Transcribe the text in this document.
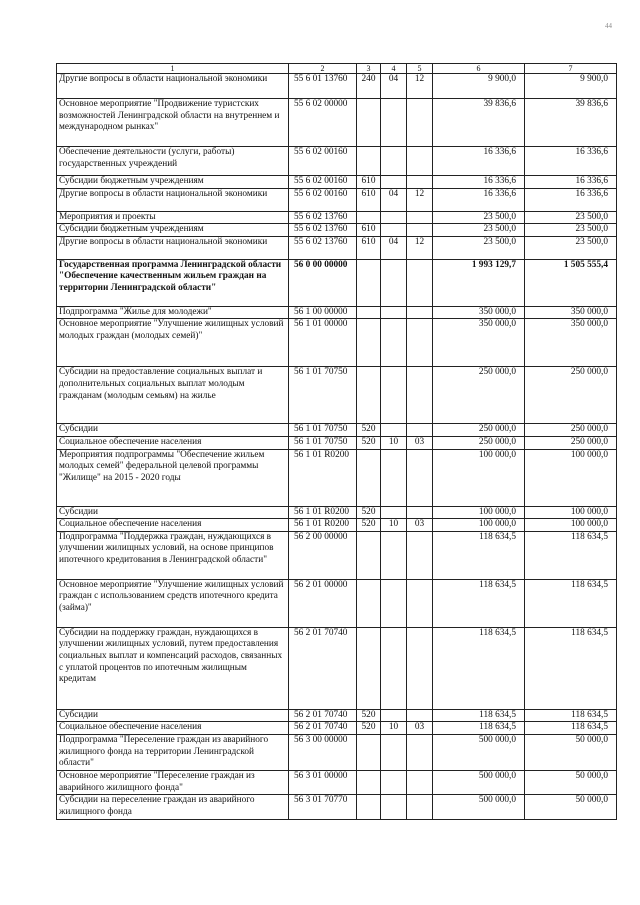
44
1	2	3	4	5	6	7
Другие вопросы в области национальной экономики	55 6 01 13760	240	04	12	9 900,0	9 900,0
Основное мероприятие "Продвижение туристских возможностей Ленинградской области на внутреннем и международном рынках"	55 6 02 00000				39 836,6	39 836,6
Обеспечение деятельности (услуги, работы) государственных учреждений	55 6 02 00160				16 336,6	16 336,6
Субсидии бюджетным учреждениям	55 6 02 00160	610			16 336,6	16 336,6
Другие вопросы в области национальной экономики	55 6 02 00160	610	04	12	16 336,6	16 336,6
Мероприятия и проекты	55 6 02 13760				23 500,0	23 500,0
Субсидии бюджетным учреждениям	55 6 02 13760	610			23 500,0	23 500,0
Другие вопросы в области национальной экономики	55 6 02 13760	610	04	12	23 500,0	23 500,0
Государственная программа Ленинградской области "Обеспечение качественным жильем граждан на территории Ленинградской области"	56 0 00 00000				1 993 129,7	1 505 555,4
Подпрограмма "Жилье для молодежи"	56 1 00 00000				350 000,0	350 000,0
Основное мероприятие "Улучшение жилищных условий молодых граждан (молодых семей)"	56 1 01 00000				350 000,0	350 000,0
Субсидии на предоставление социальных выплат и дополнительных социальных выплат молодым гражданам (молодым семьям) на жилье	56 1 01 70750				250 000,0	250 000,0
Субсидии	56 1 01 70750	520			250 000,0	250 000,0
Социальное обеспечение населения	56 1 01 70750	520	10	03	250 000,0	250 000,0
Мероприятия подпрограммы "Обеспечение жильем молодых семей" федеральной целевой программы "Жилище" на 2015 - 2020 годы	56 1 01 R0200				100 000,0	100 000,0
Субсидии	56 1 01 R0200	520			100 000,0	100 000,0
Социальное обеспечение населения	56 1 01 R0200	520	10	03	100 000,0	100 000,0
Подпрограмма "Поддержка граждан, нуждающихся в улучшении жилищных условий, на основе принципов ипотечного кредитования в Ленинградской области"	56 2 00 00000				118 634,5	118 634,5
Основное мероприятие "Улучшение жилищных условий граждан с использованием средств ипотечного кредита (займа)"	56 2 01 00000				118 634,5	118 634,5
Субсидии на поддержку граждан, нуждающихся в улучшении жилищных условий, путем предоставления социальных выплат и компенсаций расходов, связанных с уплатой процентов по ипотечным жилищным кредитам	56 2 01 70740				118 634,5	118 634,5
Субсидии	56 2 01 70740	520			118 634,5	118 634,5
Социальное обеспечение населения	56 2 01 70740	520	10	03	118 634,5	118 634,5
Подпрограмма "Переселение граждан из аварийного жилищного фонда на территории Ленинградской области"	56 3 00 00000				500 000,0	50 000,0
Основное мероприятие "Переселение граждан из аварийного жилищного фонда"	56 3 01 00000				500 000,0	50 000,0
Субсидии на переселение граждан из аварийного жилищного фонда	56 3 01 70770				500 000,0	50 000,0
